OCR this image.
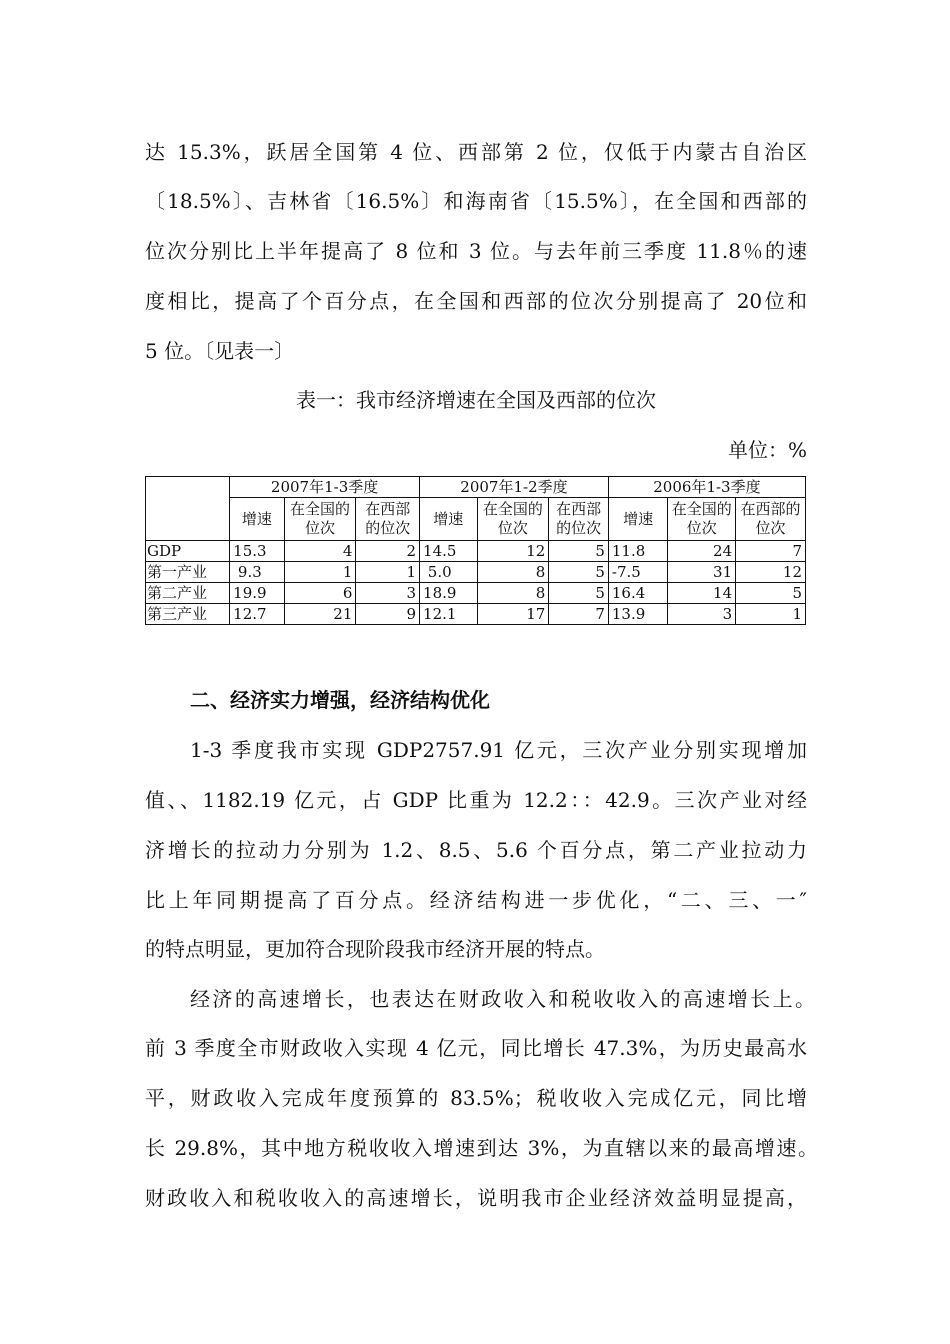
达 15.3%，跃居全国第 4 位、西部第 2 位，仅低于内蒙古自治区
〔18.5%〕、吉林省〔16.5%〕和海南省〔15.5%〕，在全国和西部的
位次分别比上半年提高了 8 位和 3 位。与去年前三季度 11.8％的速
度相比，提高了个百分点，在全国和西部的位次分别提高了 20位和
5 位。〔见表一〕
表一：我市经济增速在全国及西部的位次
单位：%
	2007年1-3季度			2007年1-2季度			2006年1-3季度		
	增速	在全国的位次	在西部的位次	增速	在全国的位次	在西部的位次	增速	在全国的位次	在西部的位次
GDP	15.3	4	2	14.5	12	5	11.8	24	7
第一产业	9.3	1	1	5.0	8	5	-7.5	31	12
第二产业	19.9	6	3	18.9	8	5	16.4	14	5
第三产业	12.7	21	9	12.1	17	7	13.9	3	1
二、经济实力增强，经济结构优化
1-3 季度我市实现 GDP2757.91 亿元，三次产业分别实现增加
值、、1182.19 亿元，占 GDP 比重为 12.2：：42.9。三次产业对经
济增长的拉动力分别为 1.2、8.5、5.6 个百分点，第二产业拉动力
比上年同期提高了百分点。经济结构进一步优化，“二、三、一″
的特点明显，更加符合现阶段我市经济开展的特点。
经济的高速增长，也表达在财政收入和税收收入的高速增长上。
前 3 季度全市财政收入实现 4 亿元，同比增长 47.3%，为历史最高水
平，财政收入完成年度预算的 83.5%；税收收入完成亿元，同比增
长 29.8%，其中地方税收收入增速到达 3%，为直辖以来的最高增速。
财政收入和税收收入的高速增长，说明我市企业经济效益明显提高，
